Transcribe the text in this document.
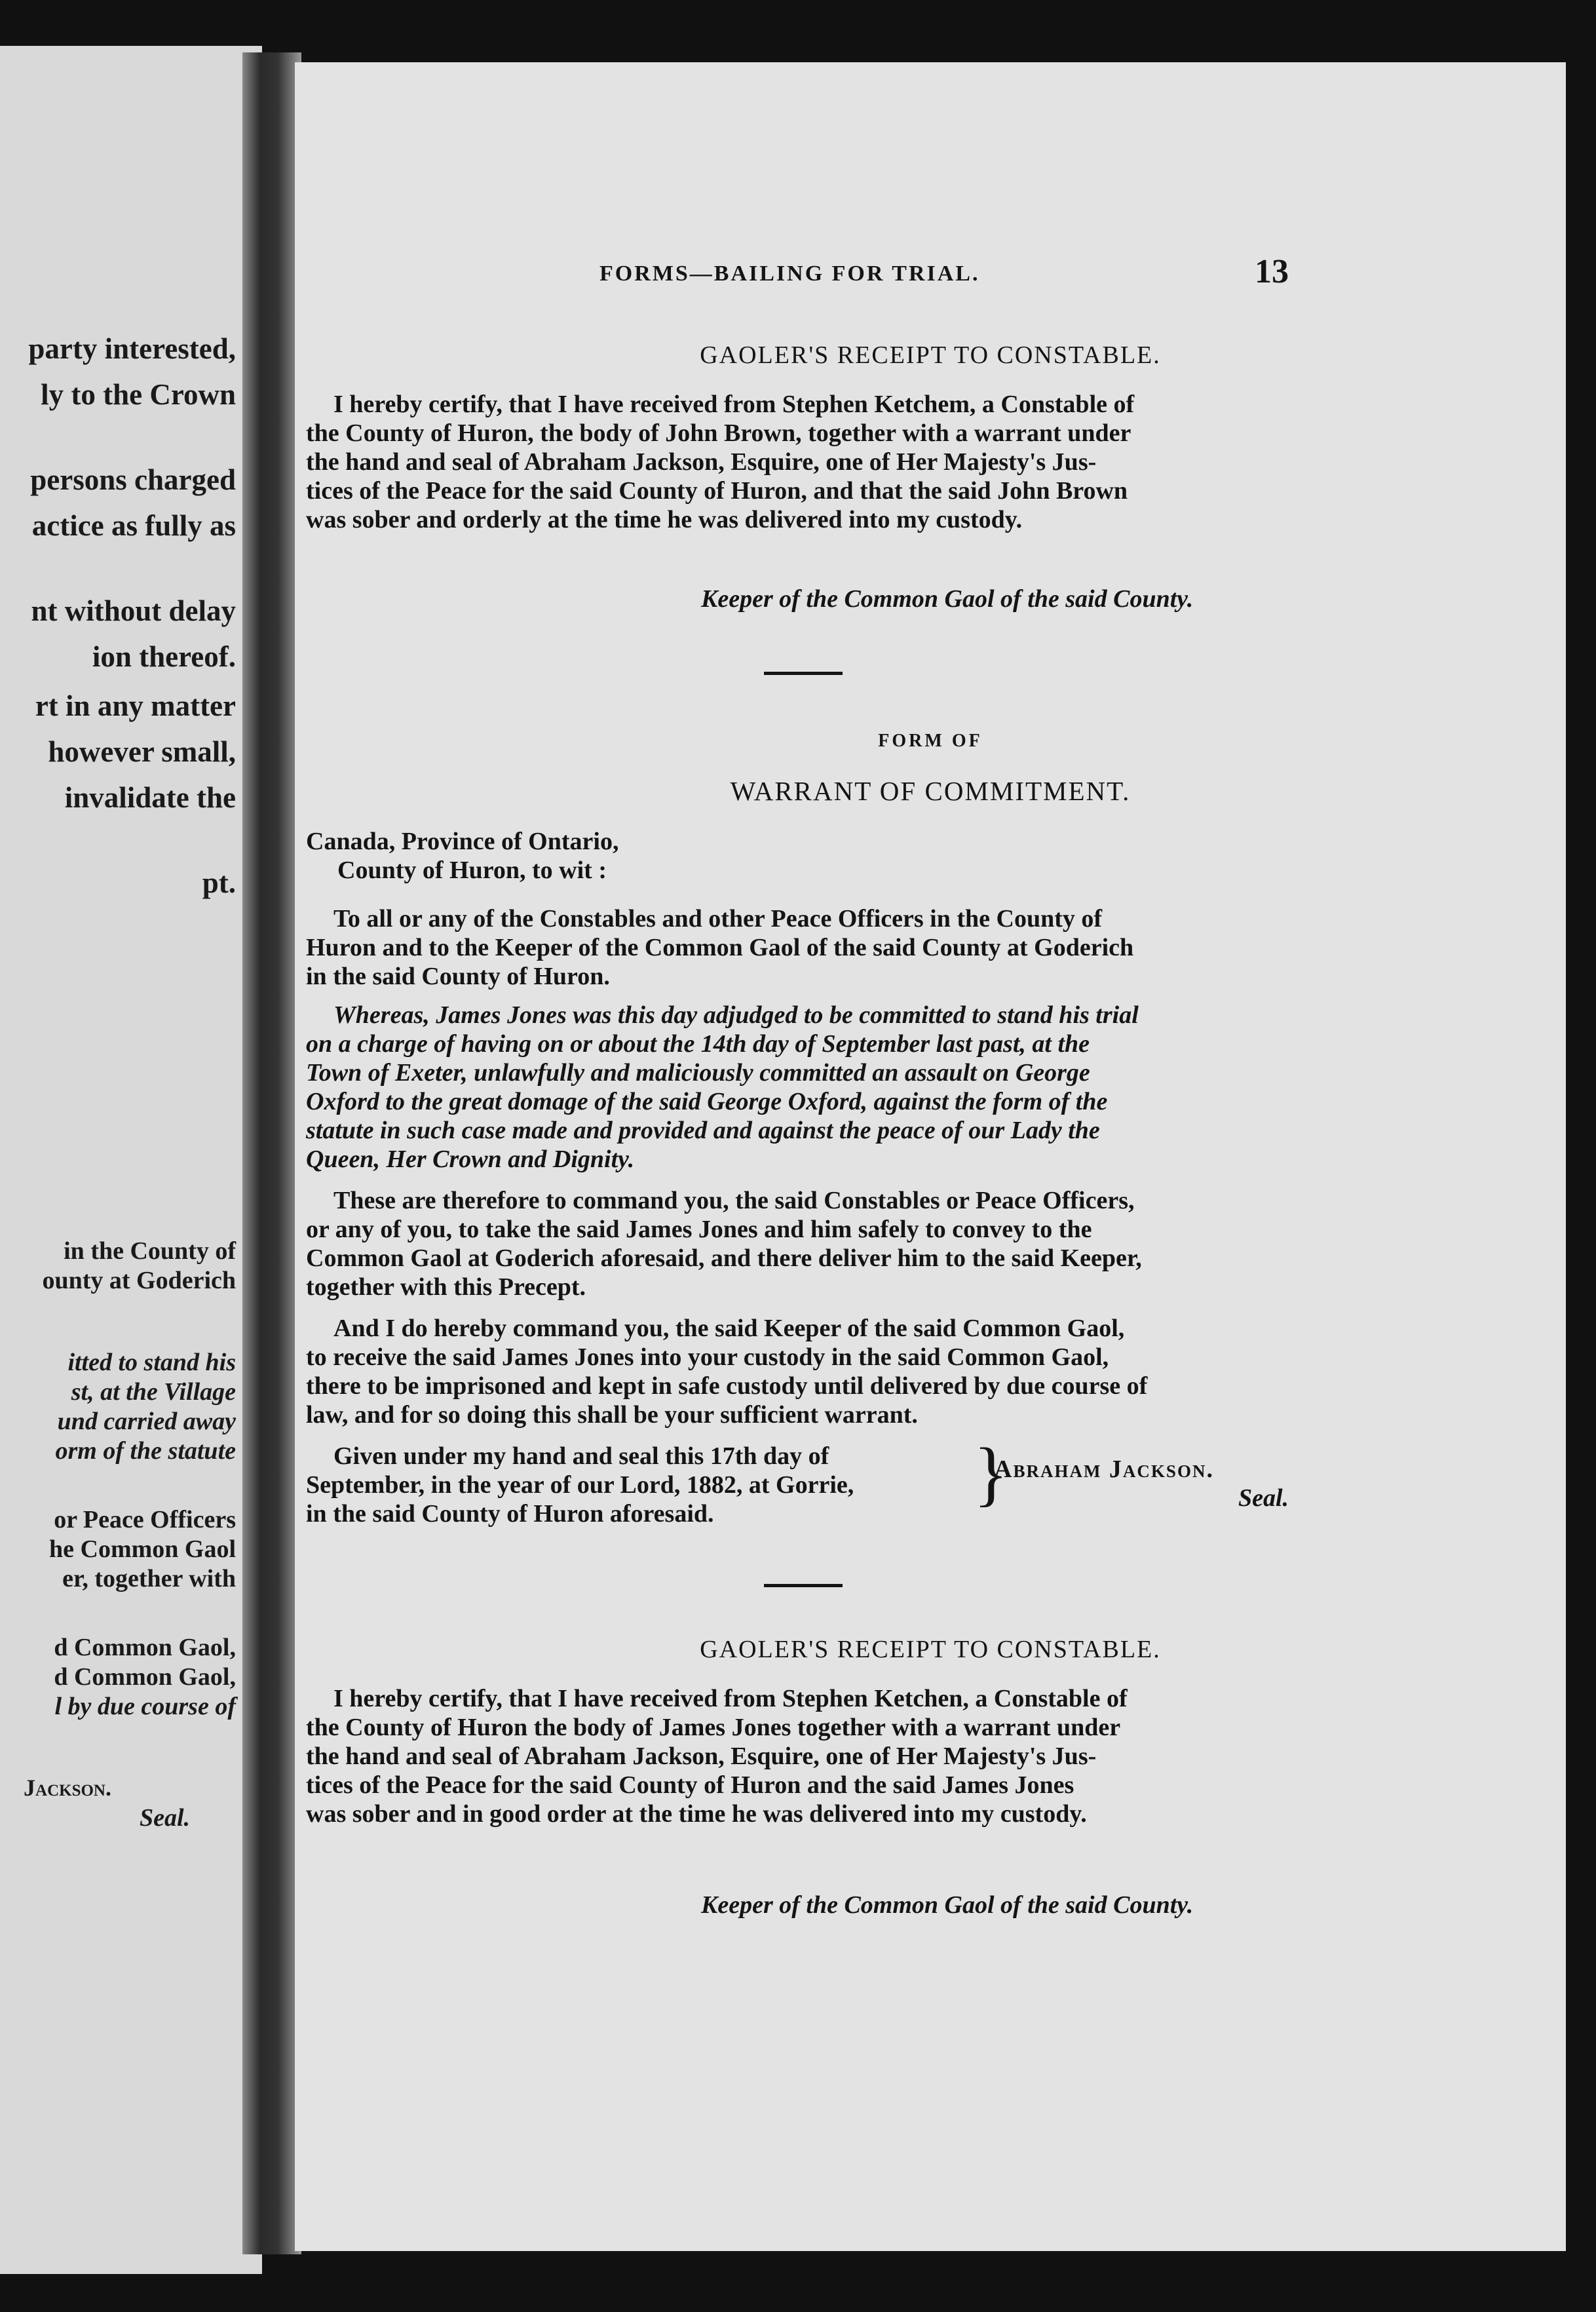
party interested,
ly to the Crown
persons charged
actice as fully as
nt without delay
ion thereof.
rt in any matter
however small,
invalidate the
pt.
in the County of
ounty at Goderich
itted to stand his
st, at the Village
und carried away
orm of the statute
or Peace Officers
he Common Gaol
er, together with
d Common Gaol,
d Common Gaol,
l by due course of
Jackson.
Seal.
FORMS—BAILING FOR TRIAL.	13
GAOLER'S RECEIPT TO CONSTABLE.
I hereby certify, that I have received from Stephen Ketchem, a Constable of
the County of Huron, the body of John Brown, together with a warrant under
the hand and seal of Abraham Jackson, Esquire, one of Her Majesty's Jus-
tices of the Peace for the said County of Huron, and that the said John Brown
was sober and orderly at the time he was delivered into my custody.
Keeper of the Common Gaol of the said County.
FORM OF
WARRANT OF COMMITMENT.
Canada, Province of Ontario,
County of Huron, to wit :
To all or any of the Constables and other Peace Officers in the County of
Huron and to the Keeper of the Common Gaol of the said County at Goderich
in the said County of Huron.
Whereas, James Jones was this day adjudged to be committed to stand his trial
on a charge of having on or about the 14th day of September last past, at the
Town of Exeter, unlawfully and maliciously committed an assault on George
Oxford to the great domage of the said George Oxford, against the form of the
statute in such case made and provided and against the peace of our Lady the
Queen, Her Crown and Dignity.
These are therefore to command you, the said Constables or Peace Officers,
or any of you, to take the said James Jones and him safely to convey to the
Common Gaol at Goderich aforesaid, and there deliver him to the said Keeper,
together with this Precept.
And I do hereby command you, the said Keeper of the said Common Gaol,
to receive the said James Jones into your custody in the said Common Gaol,
there to be imprisoned and kept in safe custody until delivered by due course of
law, and for so doing this shall be your sufficient warrant.
Given under my hand and seal this 17th day of
September, in the year of our Lord, 1882, at Gorrie,
in the said County of Huron aforesaid.
}
Abraham Jackson.
Seal.
GAOLER'S RECEIPT TO CONSTABLE.
I hereby certify, that I have received from Stephen Ketchen, a Constable of
the County of Huron the body of James Jones together with a warrant under
the hand and seal of Abraham Jackson, Esquire, one of Her Majesty's Jus-
tices of the Peace for the said County of Huron and the said James Jones
was sober and in good order at the time he was delivered into my custody.
Keeper of the Common Gaol of the said County.
